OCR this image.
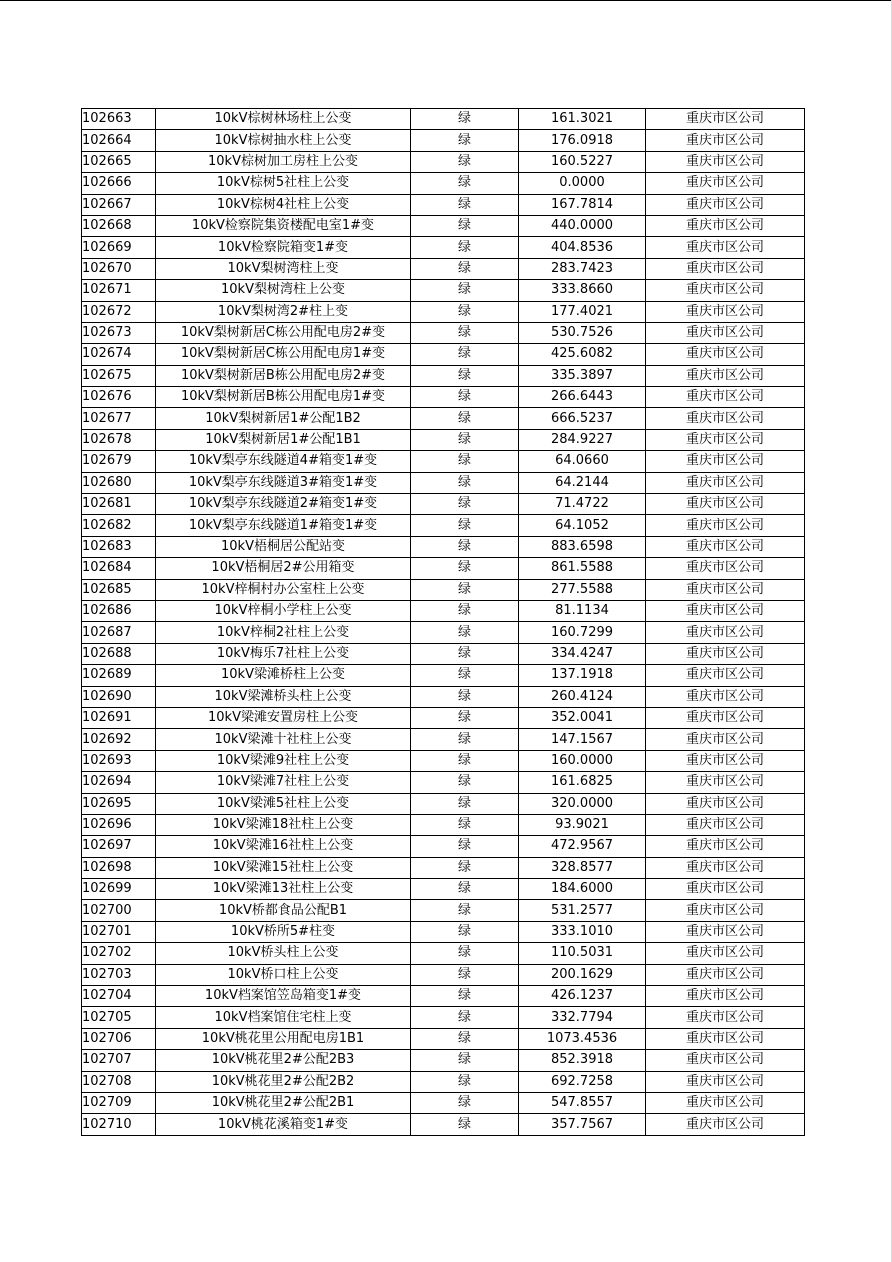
102663	10kV棕树林场柱上公变	绿	161.3021	重庆市区公司
102664	10kV棕树抽水柱上公变	绿	176.0918	重庆市区公司
102665	10kV棕树加工房柱上公变	绿	160.5227	重庆市区公司
102666	10kV棕树5社柱上公变	绿	0.0000	重庆市区公司
102667	10kV棕树4社柱上公变	绿	167.7814	重庆市区公司
102668	10kV检察院集资楼配电室1#变	绿	440.0000	重庆市区公司
102669	10kV检察院箱变1#变	绿	404.8536	重庆市区公司
102670	10kV梨树湾柱上变	绿	283.7423	重庆市区公司
102671	10kV梨树湾柱上公变	绿	333.8660	重庆市区公司
102672	10kV梨树湾2#柱上变	绿	177.4021	重庆市区公司
102673	10kV梨树新居C栋公用配电房2#变	绿	530.7526	重庆市区公司
102674	10kV梨树新居C栋公用配电房1#变	绿	425.6082	重庆市区公司
102675	10kV梨树新居B栋公用配电房2#变	绿	335.3897	重庆市区公司
102676	10kV梨树新居B栋公用配电房1#变	绿	266.6443	重庆市区公司
102677	10kV梨树新居1#公配1B2	绿	666.5237	重庆市区公司
102678	10kV梨树新居1#公配1B1	绿	284.9227	重庆市区公司
102679	10kV梨亭东线隧道4#箱变1#变	绿	64.0660	重庆市区公司
102680	10kV梨亭东线隧道3#箱变1#变	绿	64.2144	重庆市区公司
102681	10kV梨亭东线隧道2#箱变1#变	绿	71.4722	重庆市区公司
102682	10kV梨亭东线隧道1#箱变1#变	绿	64.1052	重庆市区公司
102683	10kV梧桐居公配站变	绿	883.6598	重庆市区公司
102684	10kV梧桐居2#公用箱变	绿	861.5588	重庆市区公司
102685	10kV梓桐村办公室柱上公变	绿	277.5588	重庆市区公司
102686	10kV梓桐小学柱上公变	绿	81.1134	重庆市区公司
102687	10kV梓桐2社柱上公变	绿	160.7299	重庆市区公司
102688	10kV梅乐7社柱上公变	绿	334.4247	重庆市区公司
102689	10kV梁滩桥柱上公变	绿	137.1918	重庆市区公司
102690	10kV梁滩桥头柱上公变	绿	260.4124	重庆市区公司
102691	10kV梁滩安置房柱上公变	绿	352.0041	重庆市区公司
102692	10kV梁滩十社柱上公变	绿	147.1567	重庆市区公司
102693	10kV梁滩9社柱上公变	绿	160.0000	重庆市区公司
102694	10kV梁滩7社柱上公变	绿	161.6825	重庆市区公司
102695	10kV梁滩5社柱上公变	绿	320.0000	重庆市区公司
102696	10kV梁滩18社柱上公变	绿	93.9021	重庆市区公司
102697	10kV梁滩16社柱上公变	绿	472.9567	重庆市区公司
102698	10kV梁滩15社柱上公变	绿	328.8577	重庆市区公司
102699	10kV梁滩13社柱上公变	绿	184.6000	重庆市区公司
102700	10kV桥都食品公配B1	绿	531.2577	重庆市区公司
102701	10kV桥所5#柱变	绿	333.1010	重庆市区公司
102702	10kV桥头柱上公变	绿	110.5031	重庆市区公司
102703	10kV桥口柱上公变	绿	200.1629	重庆市区公司
102704	10kV档案馆笠岛箱变1#变	绿	426.1237	重庆市区公司
102705	10kV档案馆住宅柱上变	绿	332.7794	重庆市区公司
102706	10kV桃花里公用配电房1B1	绿	1073.4536	重庆市区公司
102707	10kV桃花里2#公配2B3	绿	852.3918	重庆市区公司
102708	10kV桃花里2#公配2B2	绿	692.7258	重庆市区公司
102709	10kV桃花里2#公配2B1	绿	547.8557	重庆市区公司
102710	10kV桃花溪箱变1#变	绿	357.7567	重庆市区公司
